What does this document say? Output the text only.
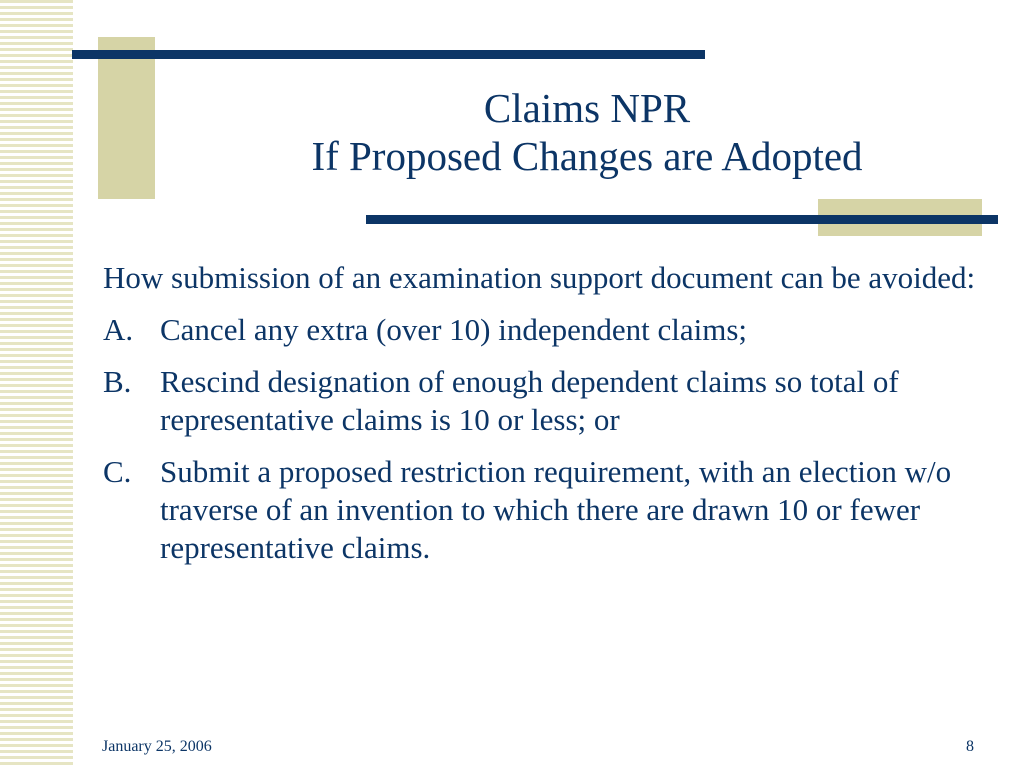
Claims NPR
If Proposed Changes are Adopted
How submission of an examination support document can be avoided:
A. Cancel any extra (over 10) independent claims;
B. Rescind designation of enough dependent claims so total of representative claims is 10 or less; or
C. Submit a proposed restriction requirement, with an election w/o traverse of an invention to which there are drawn 10 or fewer representative claims.
January 25, 2006	8
